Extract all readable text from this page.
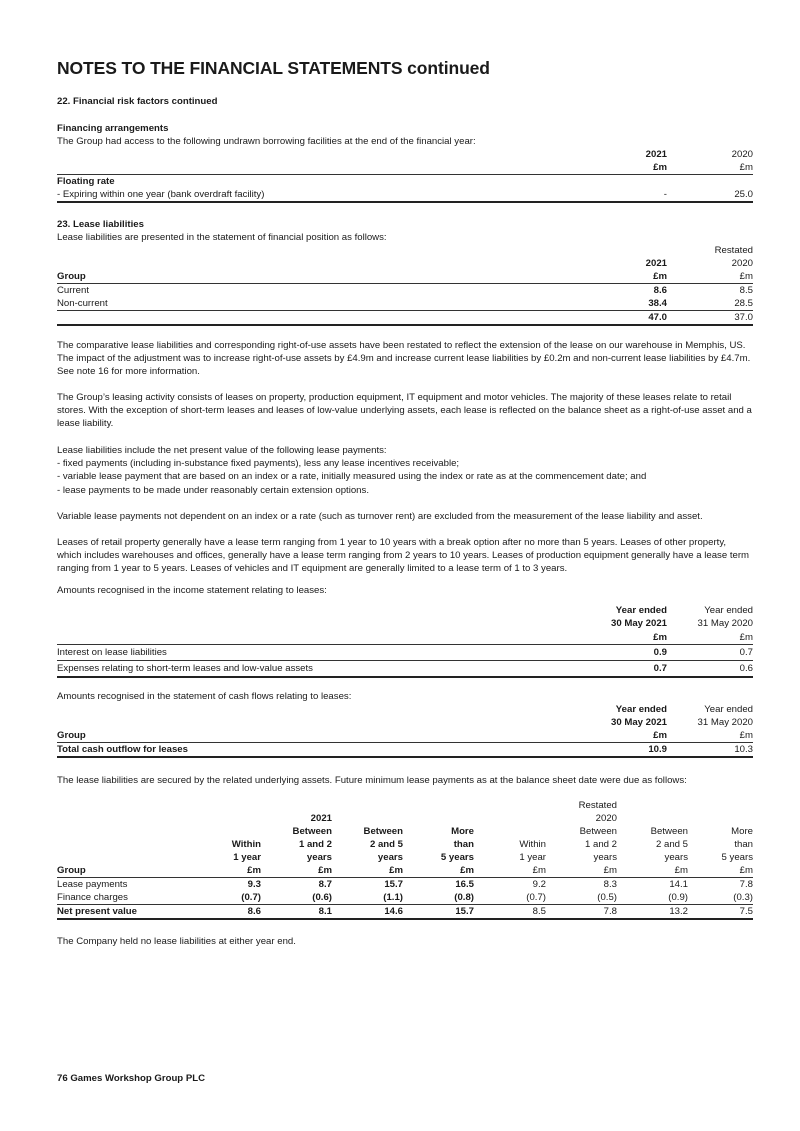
NOTES TO THE FINANCIAL STATEMENTS continued
22. Financial risk factors continued
Financing arrangements
The Group had access to the following undrawn borrowing facilities at the end of the financial year:
	2021	2020
	£m	£m
Floating rate		
- Expiring within one year (bank overdraft facility)	-	25.0
23. Lease liabilities
Lease liabilities are presented in the statement of financial position as follows:
		Restated
	2021	2020
Group	£m	£m
Current	8.6	8.5
Non-current	38.4	28.5
	47.0	37.0
The comparative lease liabilities and corresponding right-of-use assets have been restated to reflect the extension of the lease on our warehouse in Memphis, US. The impact of the adjustment was to increase right-of-use assets by £4.9m and increase current lease liabilities by £0.2m and non-current lease liabilities by £4.7m. See note 16 for more information.
The Group’s leasing activity consists of leases on property, production equipment, IT equipment and motor vehicles. The majority of these leases relate to retail stores. With the exception of short-term leases and leases of low-value underlying assets, each lease is reflected on the balance sheet as a right-of-use asset and a lease liability.

Lease liabilities include the net present value of the following lease payments:

- fixed payments (including in-substance fixed payments), less any lease incentives receivable;

- variable lease payment that are based on an index or a rate, initially measured using the index or rate as at the commencement date; and

- lease payments to be made under reasonably certain extension options.

Variable lease payments not dependent on an index or a rate (such as turnover rent) are excluded from the measurement of the lease liability and asset.
Leases of retail property generally have a lease term ranging from 1 year to 10 years with a break option after no more than 5 years. Leases of other property, which includes warehouses and offices, generally have a lease term ranging from 2 years to 10 years. Leases of production equipment generally have a lease term ranging from 1 year to 5 years. Leases of vehicles and IT equipment are generally limited to a lease term of 1 to 3 years.
Amounts recognised in the income statement relating to leases:
	Year ended	Year ended
	30 May 2021	31 May 2020
	£m	£m
Interest on lease liabilities	0.9	0.7
Expenses relating to short-term leases and low-value assets	0.7	0.6
Amounts recognised in the statement of cash flows relating to leases:
	Year ended	Year ended
	30 May 2021	31 May 2020
Group	£m	£m
Total cash outflow for leases	10.9	10.3
The lease liabilities are secured by the related underlying assets. Future minimum lease payments as at the balance sheet date were due as follows:
						Restated		
		2021				2020		
		Between	Between	More		Between	Between	More
	Within	1 and 2	2 and 5	than	Within	1 and 2	2 and 5	than
	1 year	years	years	5 years	1 year	years	years	5 years
Group	£m	£m	£m	£m	£m	£m	£m	£m
Lease payments	9.3	8.7	15.7	16.5	9.2	8.3	14.1	7.8
Finance charges	(0.7)	(0.6)	(1.1)	(0.8)	(0.7)	(0.5)	(0.9)	(0.3)
Net present value	8.6	8.1	14.6	15.7	8.5	7.8	13.2	7.5
The Company held no lease liabilities at either year end.
76 Games Workshop Group PLC
